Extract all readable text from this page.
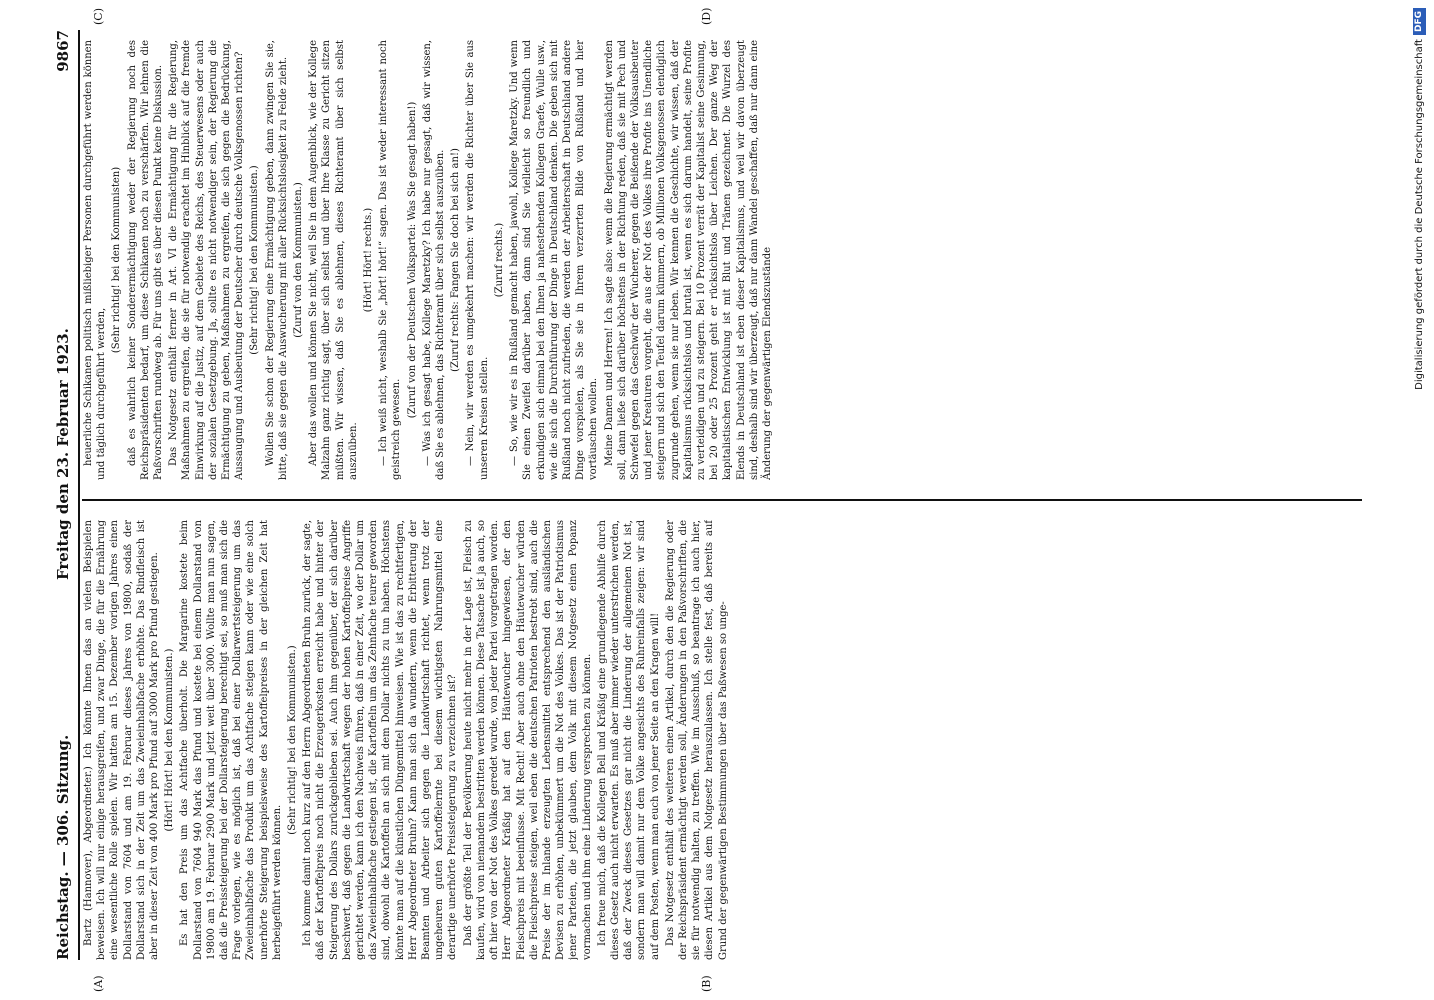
Reichstag. — 306. Sitzung.
Freitag den 23. Februar 1923.
9867
(A)	(B)
(C)	(D)

Bartz (Hannover), Abgeordneter.) Ich könnte Ihnen das an vielen Beispielen beweisen. Ich will nur einige herausgreifen, und zwar Dinge, die für die Ernährung eine wesentliche Rolle spielen. Wir hatten am 15. Dezember vorigen Jahres einen Dollarstand von 7604 und am 19. Februar dieses Jahres von 19800, sodaß der Dollarstand sich in der Zeit um das Zweieinhalbfache erhöhte. Das Rindfleisch ist aber in dieser Zeit von 400 Mark pro Pfund auf 3000 Mark pro Pfund gestiegen. (Hört! Hört! bei den Kommunisten.) Es hat den Preis um das Achtfache überholt. Die Margarine kostete beim Dollarstand von 7604 940 Mark das Pfund und kostete bei einem Dollarstand von 19800 am 19. Februar 2900 Mark und jetzt weit über 3000. Wollte man nun sagen, daß die Preissteigerung bei der Dollarsteigerung berechtigt sei, so muß man sich die Frage vorlegen, wie es möglich ist, daß bei einer Dollarwertsteigerung um das Zweieinhalbfache das Produkt um das Achtfache steigen kann oder wie eine solch unerhörte Steigerung beispielsweise des Kartoffelpreises in der gleichen Zeit hat herbeigeführt werden können.

(Sehr richtig! bei den Kommunisten.) Ich komme damit noch kurz auf den Herrn Abgeordneten Bruhn zurück, der sagte, daß der Kartoffelpreis noch nicht die Erzeugerkosten erreicht habe und hinter der Steigerung des Dollars zurückgeblieben sei. Auch ihm gegenüber, der sich darüber beschwert, daß gegen die Landwirtschaft wegen der hohen Kartoffelpreise Angriffe gerichtet werden, kann ich den Nachweis führen, daß in einer Zeit, wo der Dollar um das Zweieinhalbfache gestiegen ist, die Kartoffeln um das Zehnfache teurer geworden sind, obwohl die Kartoffeln an sich mit dem Dollar nichts zu tun haben. Höchstens könnte man auf die künstlichen Düngemittel hinweisen. Wie ist das zu rechtfertigen, Herr Abgeordneter Bruhn? Kann man sich da wundern, wenn die Erbitterung der Beamten und Arbeiter sich gegen die Landwirtschaft richtet, wenn trotz der ungeheuren guten Kartoffelernte bei diesem wichtigsten Nahrungsmittel eine derartige unerhörte Preissteigerung zu verzeichnen ist? Daß der größte Teil der Bevölkerung heute nicht mehr in der Lage ist, Fleisch zu kaufen, wird von niemandem bestritten werden können. Diese Tatsache ist ja auch, so oft hier von der Not des Volkes geredet wurde, von jeder Partei vorgetragen worden. Herr Abgeordneter Kräßig hat auf den Häutewucher hingewiesen, der den Fleischpreis mit beeinflusse. Mit Recht! Aber auch ohne den Häutewucher würden die Fleischpreise steigen, weil eben die deutschen Patrioten bestrebt sind, auch die Preise der im Inlande erzeugten Lebensmittel entsprechend den ausländischen Devisen zu erhöhen, unbekümmert um die Not des Volkes. Das ist der Patriotismus jener Parteien, die jetzt glauben, dem Volk mit diesem Notgesetz einen Popanz vormachen und ihm eine Linderung versprechen zu können. Ich freue mich, daß die Kollegen Bell und Kräßig eine grundlegende Abhilfe durch dieses Gesetz auch nicht erwarten. Es muß aber immer wieder unterstrichen werden, daß der Zweck dieses Gesetzes gar nicht die Linderung der allgemeinen Not ist, sondern man will damit nur dem Volke angesichts des Ruhreinfalls zeigen: wir sind auf dem Posten, wenn man euch von jener Seite an den Kragen will! Das Notgesetz enthält des weiteren einen Artikel, durch den die Regierung oder der Reichspräsident ermächtigt werden soll, Änderungen in den Paßvorschriften, die sie für notwendig halten, zu treffen. Wie im Ausschuß, so beantrage ich auch hier, diesen Artikel aus dem Notgesetz herauszulassen. Ich stelle fest, daß bereits auf Grund der gegenwärtigen Bestimmungen über das Paßwesen so unge-

heuerliche Schikanen politisch mißliebiger Personen durchgeführt werden können und täglich durchgeführt werden,

(Sehr richtig! bei den Kommunisten) daß es wahrlich keiner Sonderermächtigung weder der Regierung noch des Reichspräsidenten bedarf, um diese Schikanen noch zu verschärfen. Wir lehnen die Paßvorschriften rundweg ab. Für uns gibt es über diesen Punkt keine Diskussion. Das Notgesetz enthält ferner in Art. VI die Ermächtigung für die Regierung, Maßnahmen zu ergreifen, die sie für notwendig erachtet im Hinblick auf die fremde Einwirkung auf die Justiz, auf dem Gebiete des Reichs, des Steuerwesens oder auch der sozialen Gesetzgebung. Ja, sollte es nicht notwendiger sein, der Regierung die Ermächtigung zu geben, Maßnahmen zu ergreifen, die sich gegen die Bedrückung, Aussaugung und Ausbeutung der Deutscher durch deutsche Volksgenossen richten? (Sehr richtig! bei den Kommunisten.) Wollen Sie schon der Regierung eine Ermächtigung geben, dann zwingen Sie sie, bitte, daß sie gegen die Auswucherung mit aller Rücksichtslosigkeit zu Felde zieht. (Zuruf von den Kommunisten.) Aber das wollen und können Sie nicht, weil Sie in dem Augenblick, wie der Kollege Malzahn ganz richtig sagt, über sich selbst und über Ihre Klasse zu Gericht sitzen müßten. Wir wissen, daß Sie es ablehnen, dieses Richteramt über sich selbst auszuüben.

(Hört! Hört! rechts.) — Ich weiß nicht, weshalb Sie „hört! hört!“ sagen. Das ist weder interessant noch geistreich gewesen.

(Zuruf von der Deutschen Volkspartei: Was Sie gesagt haben!) — Was ich gesagt habe, Kollege Maretzky? Ich habe nur gesagt, daß wir wissen, daß Sie es ablehnen, das Richteramt über sich selbst auszuüben. (Zuruf rechts: Fangen Sie doch bei sich an!) — Nein, wir werden es umgekehrt machen: wir werden die Richter über Sie aus unseren Kreisen stellen.

(Zuruf rechts.) — So, wie wir es in Rußland gemacht haben, jawohl, Kollege Maretzky. Und wenn Sie einen Zweifel darüber haben, dann sind Sie vielleicht so freundlich und erkundigen sich einmal bei den Ihnen ja nahestehenden Kollegen Graefe, Wulle usw., wie die sich die Durchführung der Dinge in Deutschland denken. Die geben sich mit Rußland noch nicht zufrieden, die werden der Arbeiterschaft in Deutschland andere Dinge vorspielen, als Sie sie in Ihrem verzerrten Bilde von Rußland und hier vortäuschen wollen. Meine Damen und Herren! Ich sagte also: wenn die Regierung ermächtigt werden soll, dann ließe sich darüber höchstens in der Richtung reden, daß sie mit Pech und Schwefel gegen das Geschwür der Wucherer, gegen die Beißende der Volksausbeuter und jener Kreaturen vorgeht, die aus der Not des Volkes ihre Profite ins Unendliche steigern und sich den Teufel darum kümmern, ob Millionen Volksgenossen elendiglich zugrunde gehen, wenn sie nur leben. Wir kennen die Geschichte, wir wissen, daß der Kapitalismus rücksichtslos und brutal ist, wenn es sich darum handelt, seine Profite zu verteidigen und zu steigern. Bei 10 Prozent verrät der Kapitalist seine Gesinnung, bei 20 oder 25 Prozent geht er rücksichtslos über Leichen. Der ganze Weg der kapitalistischen Entwicklung ist mit Blut und Tränen gezeichnet. Die Wurzel des Elends in Deutschland ist eben dieser Kapitalismus, und weil wir davon überzeugt sind, deshalb sind wir überzeugt, daß nur dann Wandel geschaffen, daß nur dann eine Änderung der gegenwärtigen Elendszustände	Digitalisierung gefördert durch die Deutsche ForschungsgemeinschaftDFG
